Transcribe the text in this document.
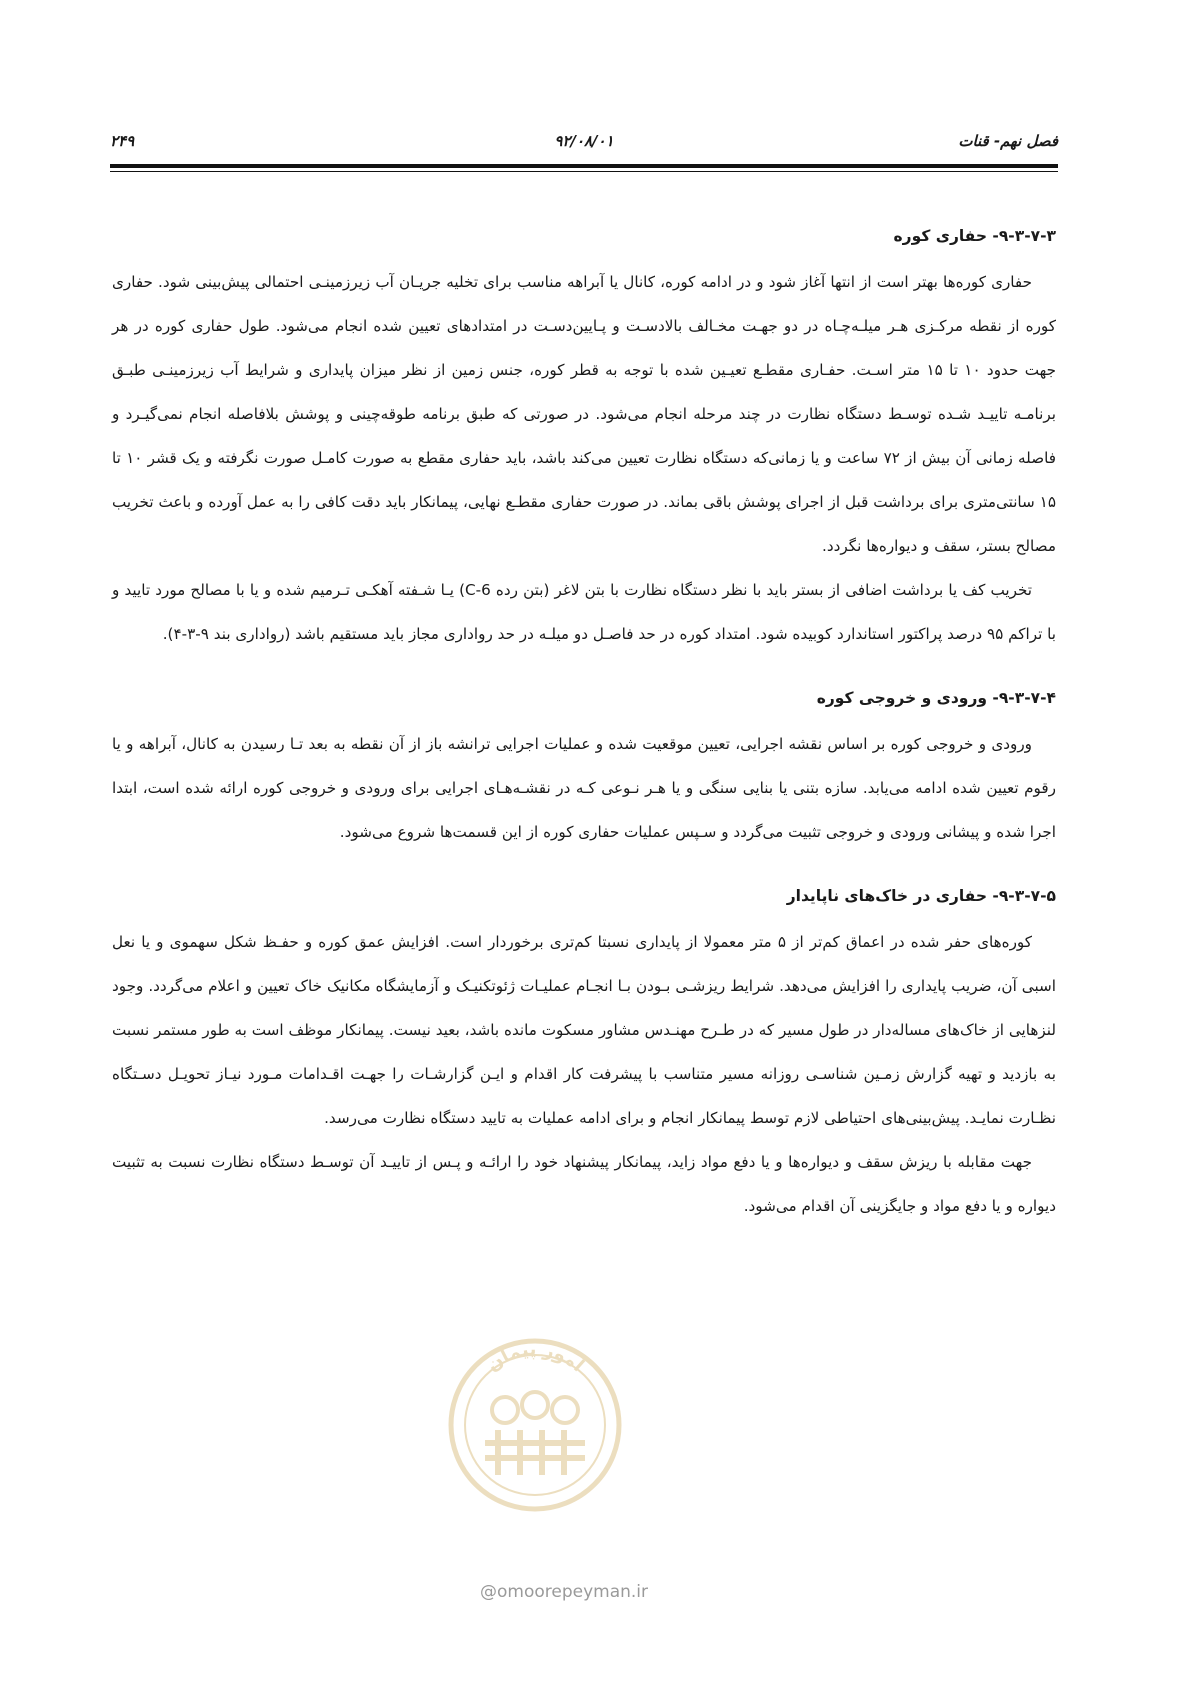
فصل نهم- قنات
۹۲/۰۸/۰۱
۲۴۹
۹-۳-۷-۳- حفاری کوره

حفاری کوره‌ها بهتر است از انتها آغاز شود و در ادامه کوره، کانال یا آبراهه مناسب برای تخلیه جریـان آب زیرزمینـی احتمالی پیش‌بینی شود. حفاری کوره از نقطه مرکـزی هـر میلـه‌چـاه در دو جهـت مخـالف بالادسـت و پـایین‌دسـت در امتدادهای تعیین شده انجام می‌شود. طول حفاری کوره در هر جهت حدود ۱۰ تا ۱۵ متر اسـت. حفـاری مقطـع تعیـین شده با توجه به قطر کوره، جنس زمین از نظر میزان پایداری و شرایط آب زیرزمینـی طبـق برنامـه تاییـد شـده توسـط دستگاه نظارت در چند مرحله انجام می‌شود. در صورتی که طبق برنامه طوقه‌چینی و پوشش بلافاصله انجام نمی‌گیـرد و فاصله زمانی آن بیش از ۷۲ ساعت و یا زمانی‌که دستگاه نظارت تعیین می‌کند باشد، باید حفاری مقطع به صورت کامـل صورت نگرفته و یک قشر ۱۰ تا ۱۵ سانتی‌متری برای برداشت قبل از اجرای پوشش باقی بماند. در صورت حفاری مقطـع نهایی، پیمانکار باید دقت کافی را به عمل آورده و باعث تخریب مصالح بستر، سقف و دیواره‌ها نگردد.

تخریب کف یا برداشت اضافی از بستر باید با نظر دستگاه نظارت با بتن لاغر (بتن رده C-6) یـا شـفته آهکـی تـرمیم شده و یا با مصالح مورد تایید و با تراکم ۹۵ درصد پراکتور استاندارد کوبیده شود. امتداد کوره در حد فاصـل دو میلـه در حد رواداری مجاز باید مستقیم باشد (رواداری بند ۹-۳-۴).

۹-۳-۷-۴- ورودی و خروجی کوره

ورودی و خروجی کوره بر اساس نقشه اجرایی، تعیین موقعیت شده و عملیات اجرایی ترانشه باز از آن نقطه به بعد تـا رسیدن به کانال، آبراهه و یا رقوم تعیین شده ادامه می‌یابد. سازه بتنی یا بنایی سنگی و یا هـر نـوعی کـه در نقشـه‌هـای اجرایی برای ورودی و خروجی کوره ارائه شده است، ابتدا اجرا شده و پیشانی ورودی و خروجی تثبیت می‌گردد و سـپس عملیات حفاری کوره از این قسمت‌ها شروع می‌شود.

۹-۳-۷-۵- حفاری در خاک‌های ناپایدار

کوره‌های حفر شده در اعماق کم‌تر از ۵ متر معمولا از پایداری نسبتا کم‌تری برخوردار است. افزایش عمق کوره و حفـظ شکل سهموی و یا نعل اسبی آن، ضریب پایداری را افزایش می‌دهد. شرایط ریزشـی بـودن بـا انجـام عملیـات ژئوتکنیـک و آزمایشگاه مکانیک خاک تعیین و اعلام می‌گردد. وجود لنزهایی از خاک‌های مساله‌دار در طول مسیر که در طـرح مهنـدس مشاور مسکوت مانده باشد، بعید نیست. پیمانکار موظف است به طور مستمر نسبت به بازدید و تهیه گزارش زمـین شناسـی روزانه مسیر متناسب با پیشرفت کار اقدام و ایـن گزارشـات را جهـت اقـدامات مـورد نیـاز تحویـل دسـتگاه نظـارت نمایـد. پیش‌بینی‌های احتیاطی لازم توسط پیمانکار انجام و برای ادامه عملیات به تایید دستگاه نظارت می‌رسد.

جهت مقابله با ریزش سقف و دیواره‌ها و یا دفع مواد زاید، پیمانکار پیشنهاد خود را ارائـه و پـس از تاییـد آن توسـط دستگاه نظارت نسبت به تثبیت دیواره و یا دفع مواد و جایگزینی آن اقدام می‌شود.

امور پیمان
@omoorepeyman.ir
